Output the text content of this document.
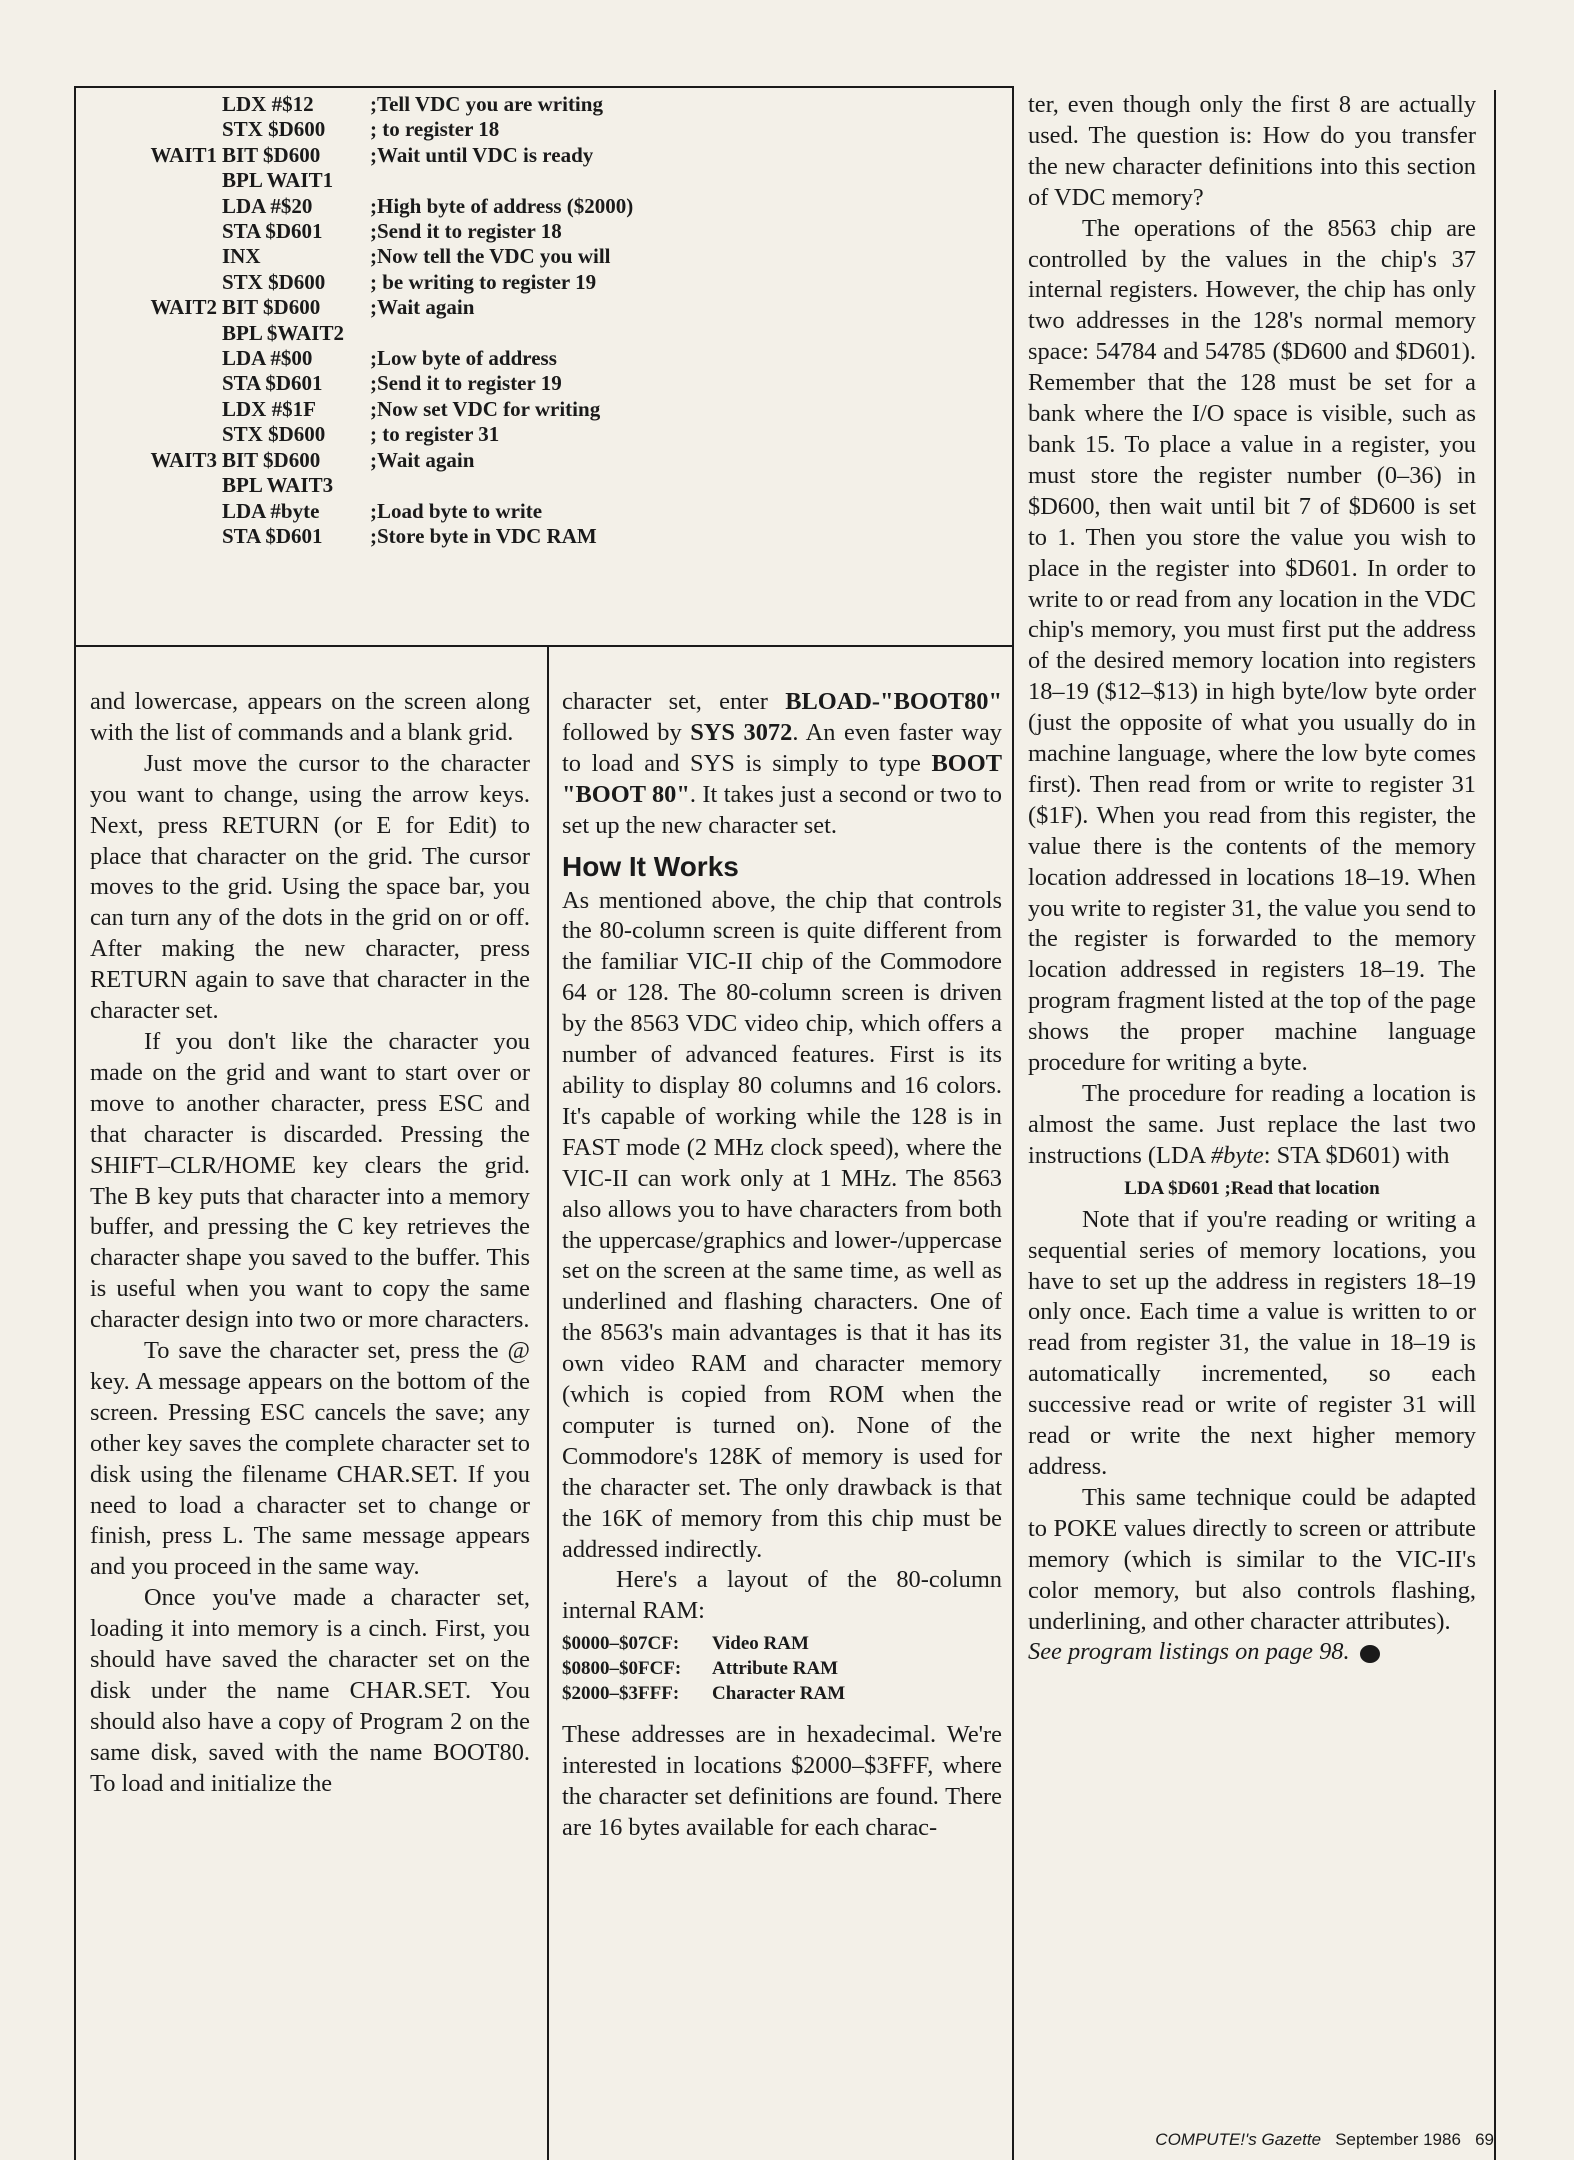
LDX #$12	;Tell VDC you are writing
STX $D600	; to register 18
WAIT1 BIT $D600	;Wait until VDC is ready
BPL WAIT1
LDA #$20	;High byte of address ($2000)
STA $D601	;Send it to register 18
INX	;Now tell the VDC you will
STX $D600	; be writing to register 19
WAIT2 BIT $D600	;Wait again
BPL $WAIT2
LDA #$00	;Low byte of address
STA $D601	;Send it to register 19
LDX #$1F	;Now set VDC for writing
STX $D600	; to register 31
WAIT3 BIT $D600	;Wait again
BPL WAIT3
LDA #byte	;Load byte to write
STA $D601	;Store byte in VDC RAM

and lowercase, appears on the screen along with the list of commands and a blank grid.

Just move the cursor to the character you want to change, using the arrow keys. Next, press RETURN (or E for Edit) to place that character on the grid. The cursor moves to the grid. Using the space bar, you can turn any of the dots in the grid on or off. After making the new character, press RETURN again to save that character in the character set.

If you don't like the character you made on the grid and want to start over or move to another character, press ESC and that character is discarded. Pressing the SHIFT–CLR/HOME key clears the grid. The B key puts that character into a memory buffer, and pressing the C key retrieves the character shape you saved to the buffer. This is useful when you want to copy the same character design into two or more characters.

To save the character set, press the @ key. A message appears on the bottom of the screen. Pressing ESC cancels the save; any other key saves the complete character set to disk using the filename CHAR.SET. If you need to load a character set to change or finish, press L. The same message appears and you proceed in the same way.

Once you've made a character set, loading it into memory is a cinch. First, you should have saved the character set on the disk under the name CHAR.SET. You should also have a copy of Program 2 on the same disk, saved with the name BOOT80. To load and initialize the

character set, enter BLOAD-"BOOT80" followed by SYS 3072. An even faster way to load and SYS is simply to type BOOT "BOOT 80". It takes just a second or two to set up the new character set.

How It Works

As mentioned above, the chip that controls the 80-column screen is quite different from the familiar VIC-II chip of the Commodore 64 or 128. The 80-column screen is driven by the 8563 VDC video chip, which offers a number of advanced features. First is its ability to display 80 columns and 16 colors. It's capable of working while the 128 is in FAST mode (2 MHz clock speed), where the VIC-II can work only at 1 MHz. The 8563 also allows you to have characters from both the uppercase/graphics and lower-/uppercase set on the screen at the same time, as well as underlined and flashing characters. One of the 8563's main advantages is that it has its own video RAM and character memory (which is copied from ROM when the computer is turned on). None of the Commodore's 128K of memory is used for the character set. The only drawback is that the 16K of memory from this chip must be addressed indirectly.

Here's a layout of the 80-column internal RAM:

$0000–$07CF: Video RAM
$0800–$0FCF: Attribute RAM
$2000–$3FFF: Character RAM

These addresses are in hexadecimal. We're interested in locations $2000–$3FFF, where the character set definitions are found. There are 16 bytes available for each charac-

ter, even though only the first 8 are actually used. The question is: How do you transfer the new character definitions into this section of VDC memory?

The operations of the 8563 chip are controlled by the values in the chip's 37 internal registers. However, the chip has only two addresses in the 128's normal memory space: 54784 and 54785 ($D600 and $D601). Remember that the 128 must be set for a bank where the I/O space is visible, such as bank 15. To place a value in a register, you must store the register number (0–36) in $D600, then wait until bit 7 of $D600 is set to 1. Then you store the value you wish to place in the register into $D601. In order to write to or read from any location in the VDC chip's memory, you must first put the address of the desired memory location into registers 18–19 ($12–$13) in high byte/low byte order (just the opposite of what you usually do in machine language, where the low byte comes first). Then read from or write to register 31 ($1F). When you read from this register, the value there is the contents of the memory location addressed in locations 18–19. When you write to register 31, the value you send to the register is forwarded to the memory location addressed in registers 18–19. The program fragment listed at the top of the page shows the proper machine language procedure for writing a byte.

The procedure for reading a location is almost the same. Just replace the last two instructions (LDA #byte: STA $D601) with

LDA $D601 ;Read that location

Note that if you're reading or writing a sequential series of memory locations, you have to set up the address in registers 18–19 only once. Each time a value is written to or read from register 31, the value in 18–19 is automatically incremented, so each successive read or write of register 31 will read or write the next higher memory address.

This same technique could be adapted to POKE values directly to screen or attribute memory (which is similar to the VIC-II's color memory, but also controls flashing, underlining, and other character attributes).

See program listings on page 98.

COMPUTE!'s Gazette September 1986 69
